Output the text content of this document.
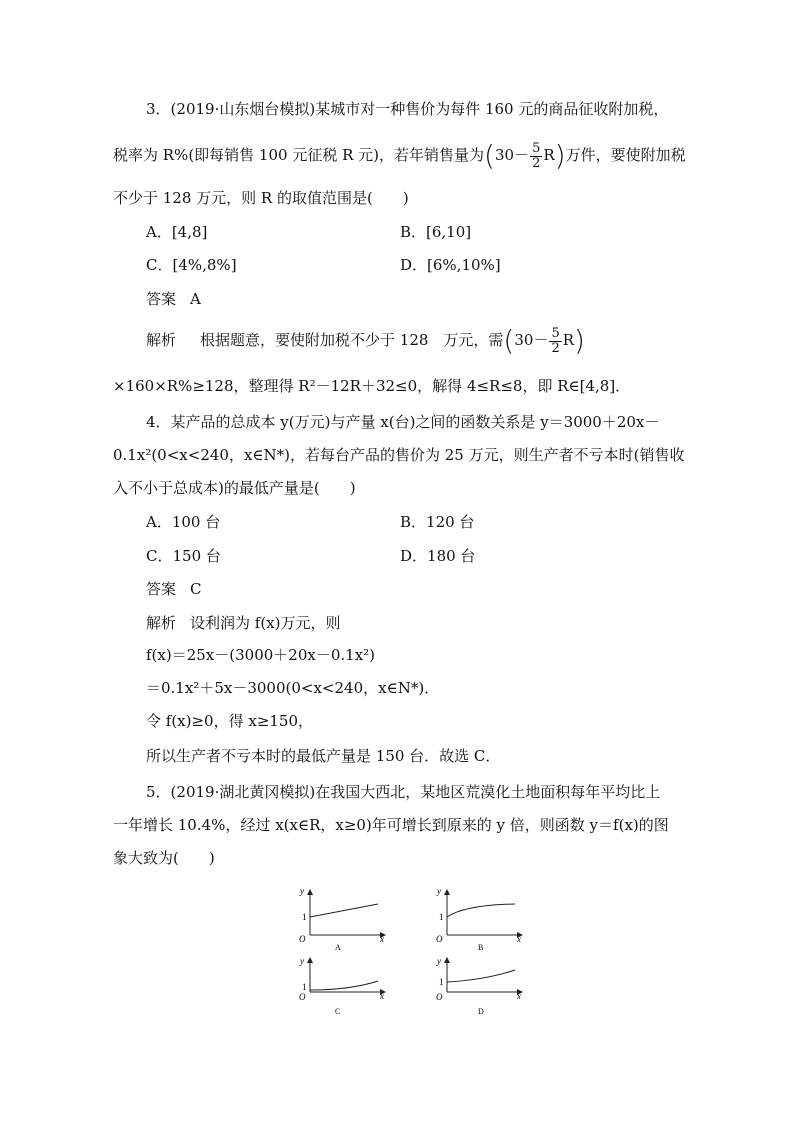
3．(2019·山东烟台模拟)某城市对一种售价为每件 160 元的商品征收附加税，
税率为 R%(即每销售 100 元征税 R 元)，若年销售量为$(30- \frac{5}{2} R)$万件，要使附加税
不少于 128 万元，则 R 的取值范围是(　　)
A．[4,8]	B．[6,10]
C．[4%,8%]	D．[6%,10%]
答案 A
解析 根据题意，要使附加税不少于 128　万元，需$(30- \frac{5}{2} R)$
×160×R%≥128，整理得 R²－12R＋32≤0，解得 4≤R≤8，即 R∈[4,8]．
4．某产品的总成本 y(万元)与产量 x(台)之间的函数关系是 y＝3000＋20x－
0.1x²(0<x<240，x∈N*)，若每台产品的售价为 25 万元，则生产者不亏本时(销售收
入不小于总成本)的最低产量是(　　)
A．100 台	B．120 台
C．150 台	D．180 台
答案 C
解析 设利润为 f(x)万元，则
f(x)＝25x－(3000＋20x－0.1x²)
＝0.1x²＋5x－3000(0<x<240，x∈N*)．
令 f(x)≥0，得 x≥150，
所以生产者不亏本时的最低产量是 150 台．故选 C．
5．(2019·湖北黄冈模拟)在我国大西北，某地区荒漠化土地面积每年平均比上
一年增长 10.4%，经过 x(x∈R，x≥0)年可增长到原来的 y 倍，则函数 y＝f(x)的图
象大致为(　　)
y
1
O	x
A
y
1
O	x
B
y
1
O	x
C
y
1
O	x
D
